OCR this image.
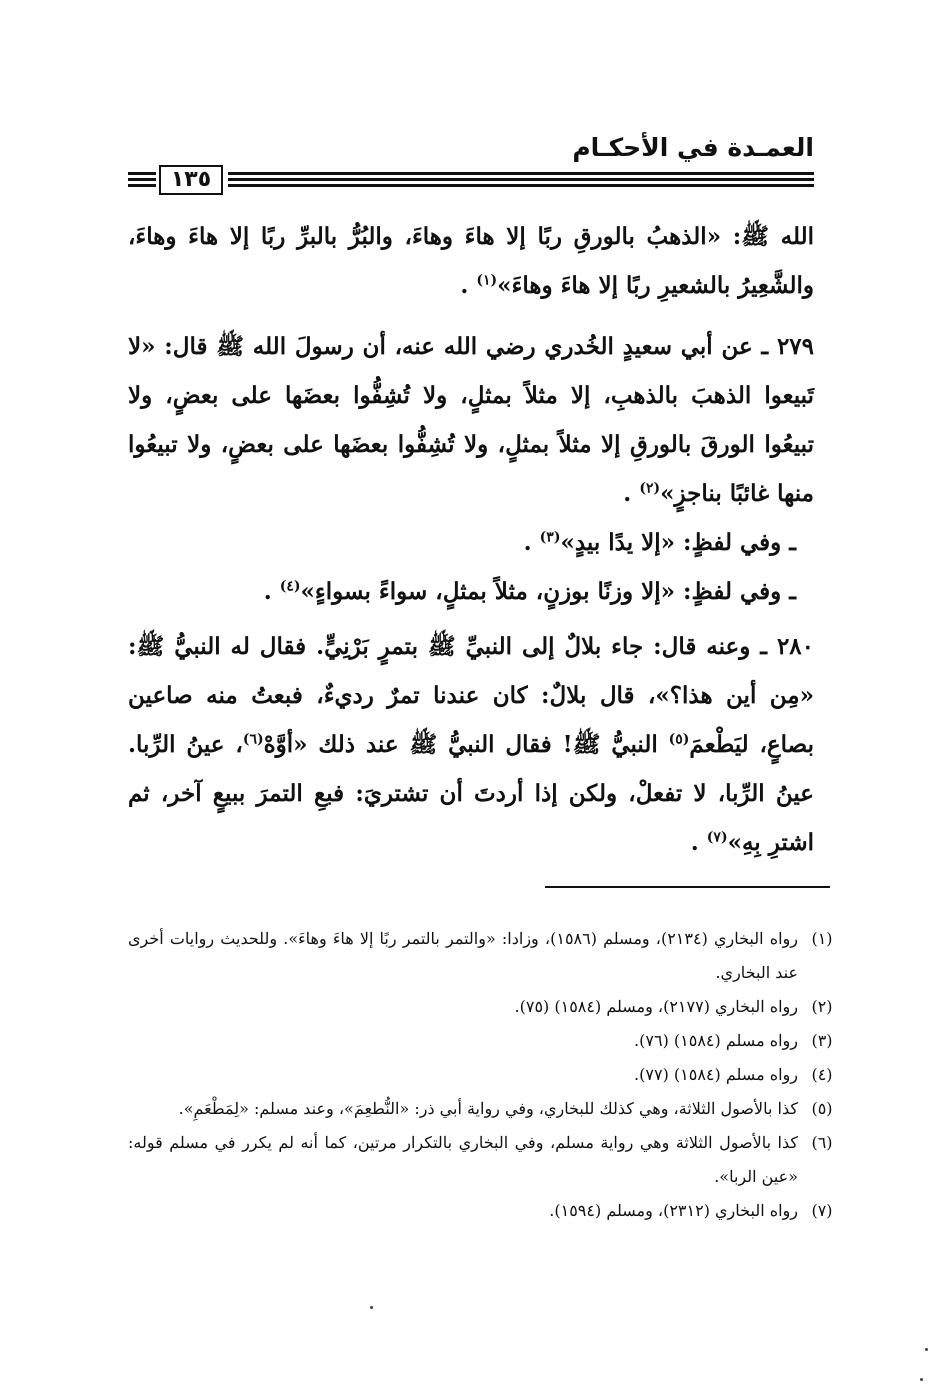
العمـدة في الأحكـام
١٣٥

الله ﷺ: «الذهبُ بالورقِ ربًا إلا هاءَ وهاءَ، والبُرُّ بالبرِّ ربًا إلا هاءَ وهاءَ، والشَّعِيرُ بالشعيرِ ربًا إلا هاءَ وهاءَ»$^{(١)}$ .

٢٧٩ ـ عن أبي سعيدٍ الخُدري رضي الله عنه، أن رسولَ الله ﷺ قال: «لا تَبيعوا الذهبَ بالذهبِ، إلا مثلاً بمثلٍ، ولا تُشِفُّوا بعضَها على بعضٍ، ولا تبيعُوا الورقَ بالورقِ إلا مثلاً بمثلٍ، ولا تُشِفُّوا بعضَها على بعضٍ، ولا تبيعُوا منها غائبًا بناجزٍ»$^{(٢)}$ .

ـ وفي لفظٍ: «إلا يدًا بيدٍ»$^{(٣)}$ .

ـ وفي لفظٍ: «إلا وزنًا بوزنٍ، مثلاً بمثلٍ، سواءً بسواءٍ»$^{(٤)}$ .

٢٨٠ ـ وعنه قال: جاء بلالٌ إلى النبيِّ ﷺ بتمرٍ بَرْنِيٍّ. فقال له النبيُّ ﷺ: «مِن أين هذا؟»، قال بلالٌ: كان عندنا تمرٌ رديءٌ، فبعتُ منه صاعين بصاعٍ، ليَطْعمَ$^{(٥)}$ النبيُّ ﷺ! فقال النبيُّ ﷺ عند ذلك «أوَّهْ$^{(٦)}$، عينُ الرِّبا. عينُ الرِّبا، لا تفعلْ، ولكن إذا أردتَ أن تشتريَ: فبعِ التمرَ ببيعٍ آخر، ثم اشترِ بِهِ»$^{(٧)}$ .

(١)
رواه البخاري (٢١٣٤)، ومسلم (١٥٨٦)، وزادا: «والتمر بالتمر ربًا إلا هاءَ وهاءَ». وللحديث روايات أخرى عند البخاري.

(٢)
رواه البخاري (٢١٧٧)، ومسلم (١٥٨٤) (٧٥).

(٣)
رواه مسلم (١٥٨٤) (٧٦).

(٤)
رواه مسلم (١٥٨٤) (٧٧).

(٥)
كذا بالأصول الثلاثة، وهي كذلك للبخاري، وفي رواية أبي ذر: «النُّطعِمَ»، وعند مسلم: «لِمَطْعَمِ».

(٦)
كذا بالأصول الثلاثة وهي رواية مسلم، وفي البخاري بالتكرار مرتين، كما أنه لم يكرر في مسلم قوله: «عين الربا».

(٧)
رواه البخاري (٢٣١٢)، ومسلم (١٥٩٤).
